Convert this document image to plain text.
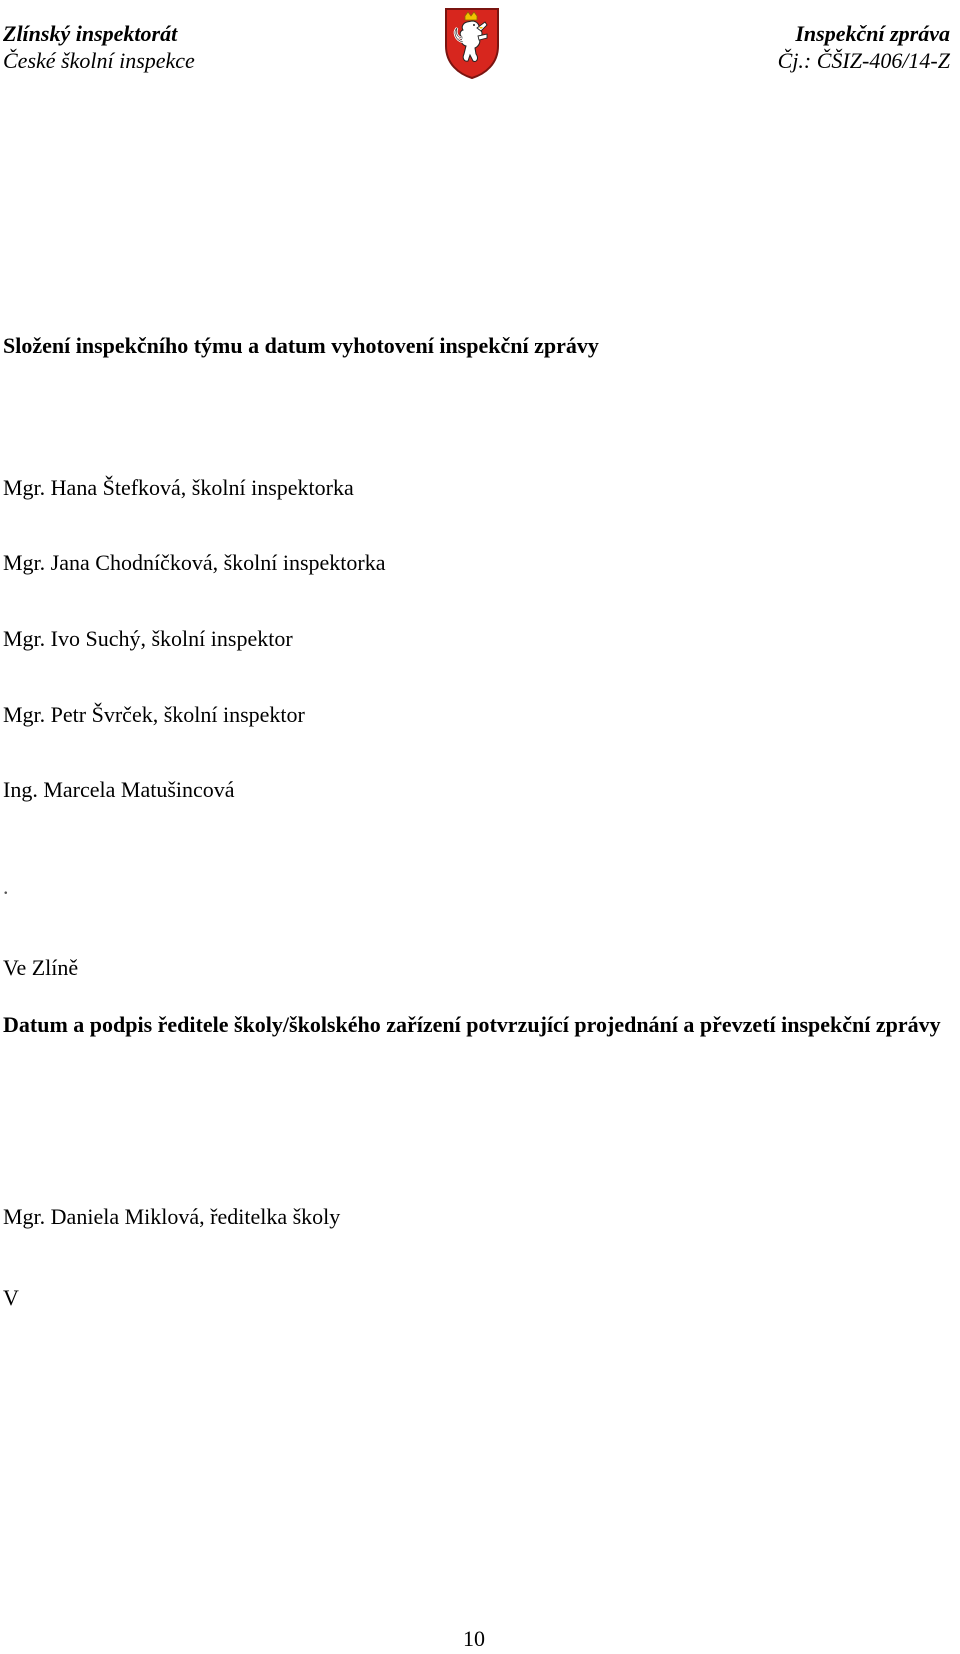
Zlínský inspektorát
České školní inspekce
Inspekční zpráva
Čj.: ČŠIZ-406/14-Z
Složení inspekčního týmu a datum vyhotovení inspekční zprávy
Mgr. Hana Štefková, školní inspektorka
Mgr. Jana Chodníčková, školní inspektorka
Mgr. Ivo Suchý, školní inspektor
Mgr. Petr Švrček, školní inspektor
Ing. Marcela Matušincová
.
Ve Zlíně
Datum a podpis ředitele školy/školského zařízení potvrzující projednání a převzetí inspekční zprávy
Mgr. Daniela Miklová, ředitelka školy
V
10
